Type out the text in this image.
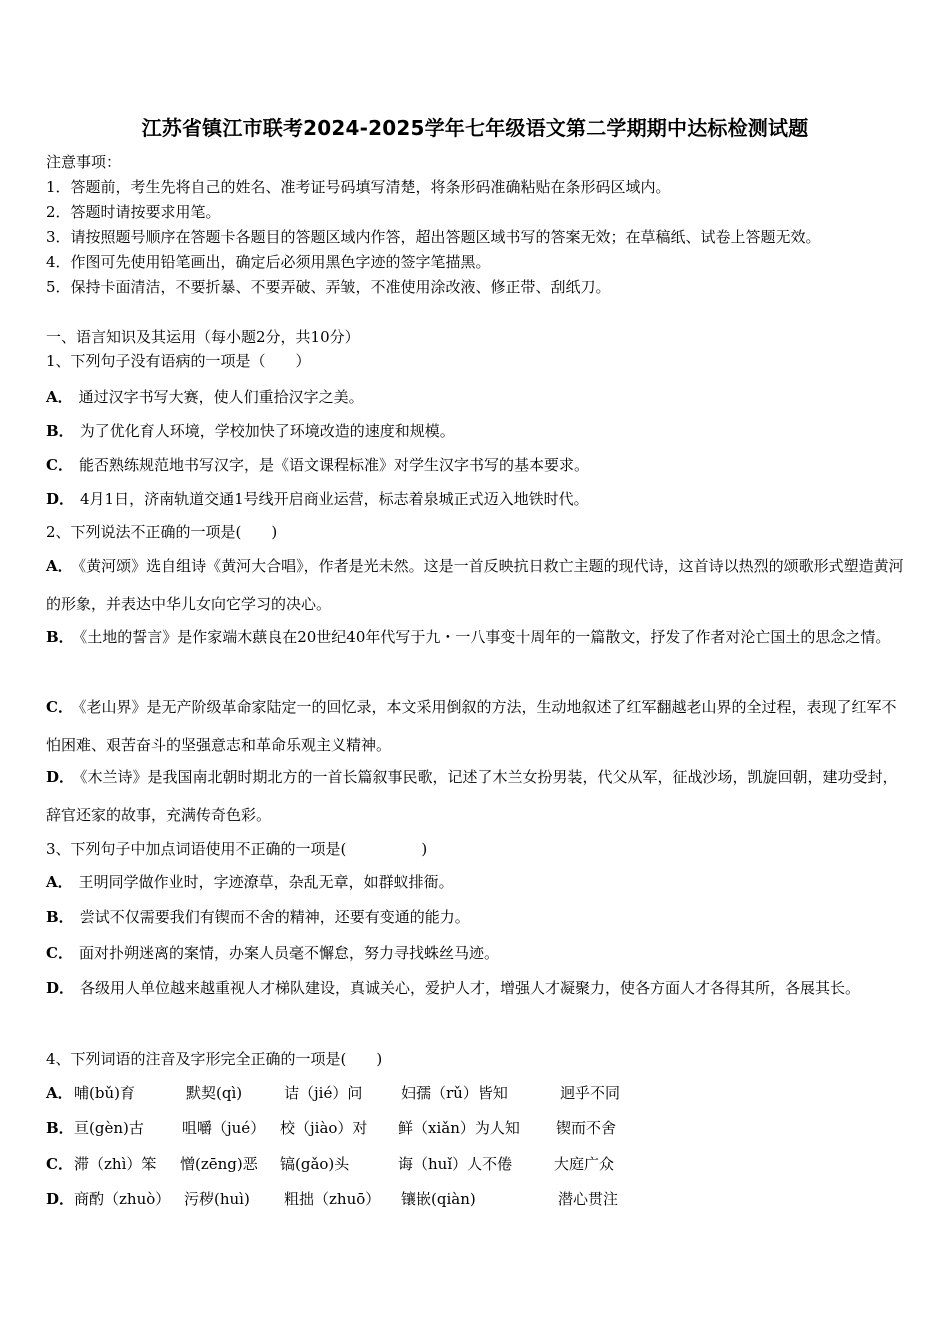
江苏省镇江市联考2024-2025学年七年级语文第二学期期中达标检测试题
注意事项：
1．答题前，考生先将自己的姓名、准考证号码填写清楚，将条形码准确粘贴在条形码区域内。
2．答题时请按要求用笔。
3．请按照题号顺序在答题卡各题目的答题区域内作答，超出答题区域书写的答案无效；在草稿纸、试卷上答题无效。
4．作图可先使用铅笔画出，确定后必须用黑色字迹的签字笔描黑。
5．保持卡面清洁，不要折暴、不要弄破、弄皱，不准使用涂改液、修正带、刮纸刀。
一、语言知识及其运用（每小题2分，共10分）
1、下列句子没有语病的一项是（　　）
A． 通过汉字书写大赛，使人们重拾汉字之美。
B． 为了优化育人环境，学校加快了环境改造的速度和规模。
C． 能否熟练规范地书写汉字，是《语文课程标准》对学生汉字书写的基本要求。
D． 4月1日，济南轨道交通1号线开启商业运营，标志着泉城正式迈入地铁时代。
2、下列说法不正确的一项是(　　)
A． 《黄河颂》选自组诗《黄河大合唱》，作者是光未然。这是一首反映抗日救亡主题的现代诗，这首诗以热烈的颂歌形式塑造黄河的形象，并表达中华儿女向它学习的决心。
B． 《土地的誓言》是作家端木蕻良在20世纪40年代写于九・一八事变十周年的一篇散文，抒发了作者对沦亡国土的思念之情。
C． 《老山界》是无产阶级革命家陆定一的回忆录，本文采用倒叙的方法，生动地叙述了红军翻越老山界的全过程，表现了红军不怕困难、艰苦奋斗的坚强意志和革命乐观主义精神。
D． 《木兰诗》是我国南北朝时期北方的一首长篇叙事民歌，记述了木兰女扮男装，代父从军，征战沙场，凯旋回朝，建功受封，辞官还家的故事，充满传奇色彩。
3、下列句子中加点词语使用不正确的一项是(　　　　　)
A． 王明同学做作业时，字迹潦草，杂乱无章，如群蚁排衙。
B． 尝试不仅需要我们有锲而不舍的精神，还要有变通的能力。
C． 面对扑朔迷离的案情，办案人员毫不懈怠，努力寻找蛛丝马迹。
D． 各级用人单位越来越重视人才梯队建设，真诚关心，爱护人才，增强人才凝聚力，使各方面人才各得其所，各展其长。
4、下列词语的注音及字形完全正确的一项是(　　)
A． 哺(bǔ)育	默契(qì)	诘（jié）问	妇孺（rǔ）皆知	迥乎不同
B． 亘(gèn)古	咀嚼（jué） 校（jiào）对 鲜（xiǎn）为人知 锲而不舍
C． 滞（zhì）笨 憎(zēng)恶 镐(gǎo)头	诲（huǐ）人不倦	大庭广众
D． 商酌（zhuò） 污秽(huì) 粗拙（zhuō） 镶嵌(qiàn)	潜心贯注
